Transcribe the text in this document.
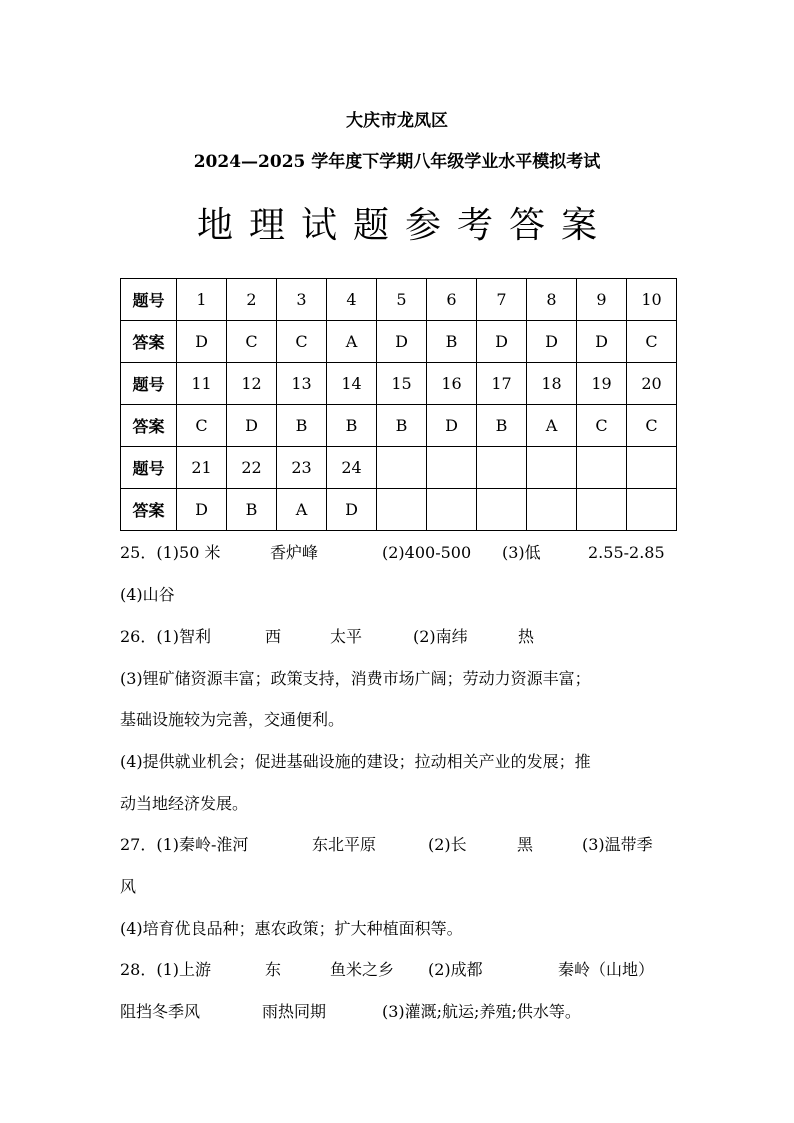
大庆市龙凤区
2024—2025 学年度下学期八年级学业水平模拟考试
地理试题参考答案
题号	1	2	3	4	5	6	7	8	9	10
答案	D	C	C	A	D	B	D	D	D	C
题号	11	12	13	14	15	16	17	18	19	20
答案	C	D	B	B	B	D	B	A	C	C
题号	21	22	23	24						
答案	D	B	A	D						
25．(1)50 米	香炉峰	(2)400-500 (3)低	2.55-2.85
(4)山谷
26．(1)智利	西	太平	(2)南纬	热
(3)锂矿储资源丰富；政策支持，消费市场广阔；劳动力资源丰富；
基础设施较为完善，交通便利。
(4)提供就业机会；促进基础设施的建设；拉动相关产业的发展；推
动当地经济发展。
27．(1)秦岭-淮河	东北平原	(2)长	黑	(3)温带季
风
(4)培育优良品种；惠农政策；扩大种植面积等。
28．(1)上游	东	鱼米之乡 (2)成都	秦岭（山地）
阻挡冬季风	雨热同期	(3)灌溉;航运;养殖;供水等。
